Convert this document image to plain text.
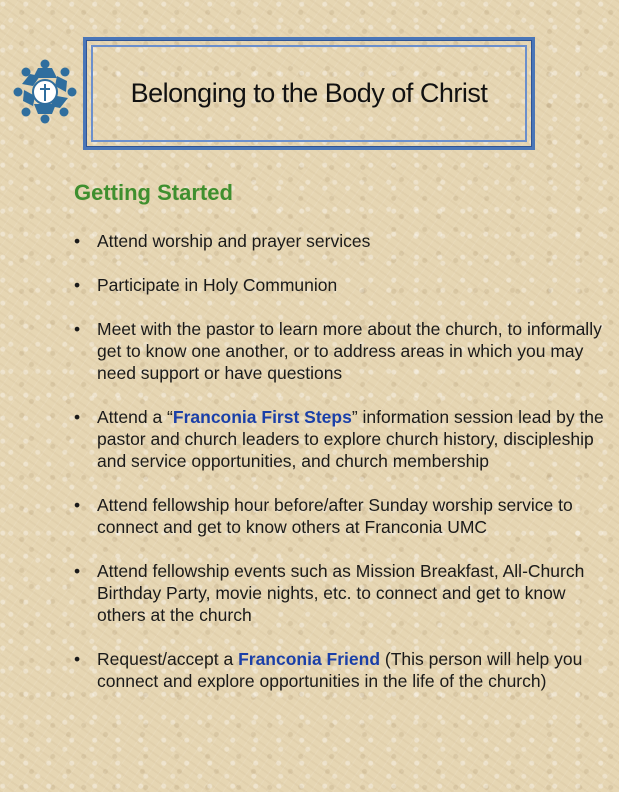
Belonging to the Body of Christ
Getting Started
• Attend worship and prayer services
• Participate in Holy Communion
• Meet with the pastor to learn more about the church, to informally get to know one another, or to address areas in which you may need support or have questions
• Attend a “Franconia First Steps” information session lead by the pastor and church leaders to explore church history, discipleship and service opportunities, and church membership
• Attend fellowship hour before/after Sunday worship service to connect and get to know others at Franconia UMC
• Attend fellowship events such as Mission Breakfast, All-Church Birthday Party, movie nights, etc. to connect and get to know others at the church
• Request/accept a Franconia Friend (This person will help you connect and explore opportunities in the life of the church)
